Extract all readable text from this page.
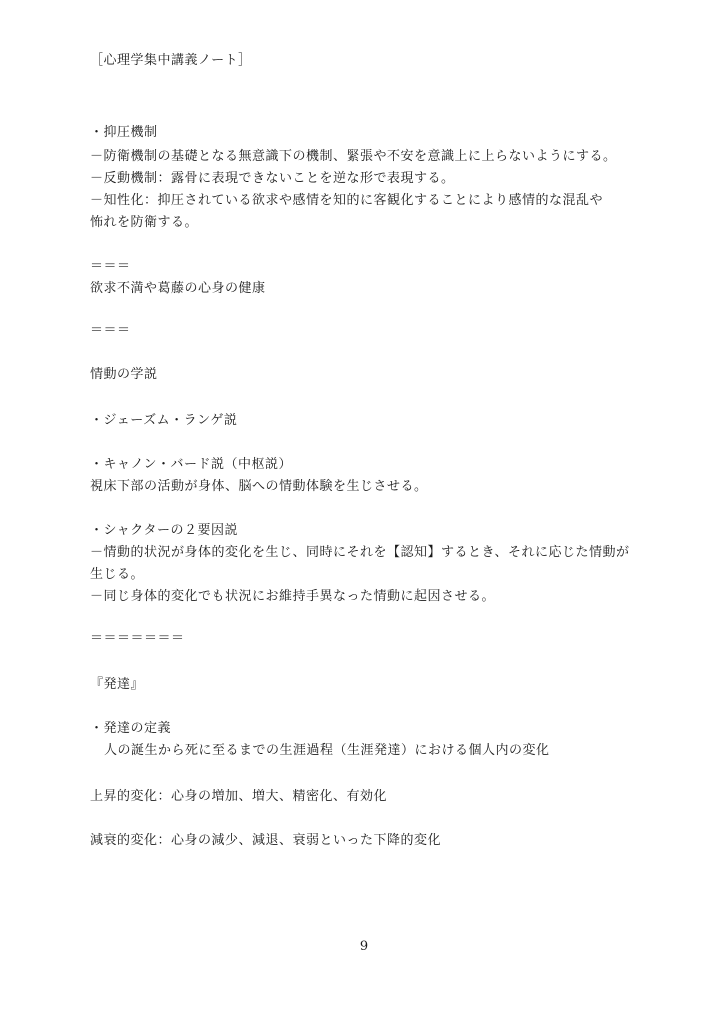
［心理学集中講義ノート］
・抑圧機制
－防衛機制の基礎となる無意識下の機制、緊張や不安を意識上に上らないようにする。
－反動機制：露骨に表現できないことを逆な形で表現する。
－知性化：抑圧されている欲求や感情を知的に客観化することにより感情的な混乱や
怖れを防衛する。
＝＝＝
欲求不満や葛藤の心身の健康
＝＝＝
情動の学説
・ジェーズム・ランゲ説
・キャノン・バード説（中枢説）
視床下部の活動が身体、脳への情動体験を生じさせる。
・シャクターの２要因説
－情動的状況が身体的変化を生じ、同時にそれを【認知】するとき、それに応じた情動が
生じる。
－同じ身体的変化でも状況にお維持手異なった情動に起因させる。
＝＝＝＝＝＝＝
『発達』
・発達の定義
人の誕生から死に至るまでの生涯過程（生涯発達）における個人内の変化
上昇的変化：心身の増加、増大、精密化、有効化
減衰的変化：心身の減少、減退、衰弱といった下降的変化
9
